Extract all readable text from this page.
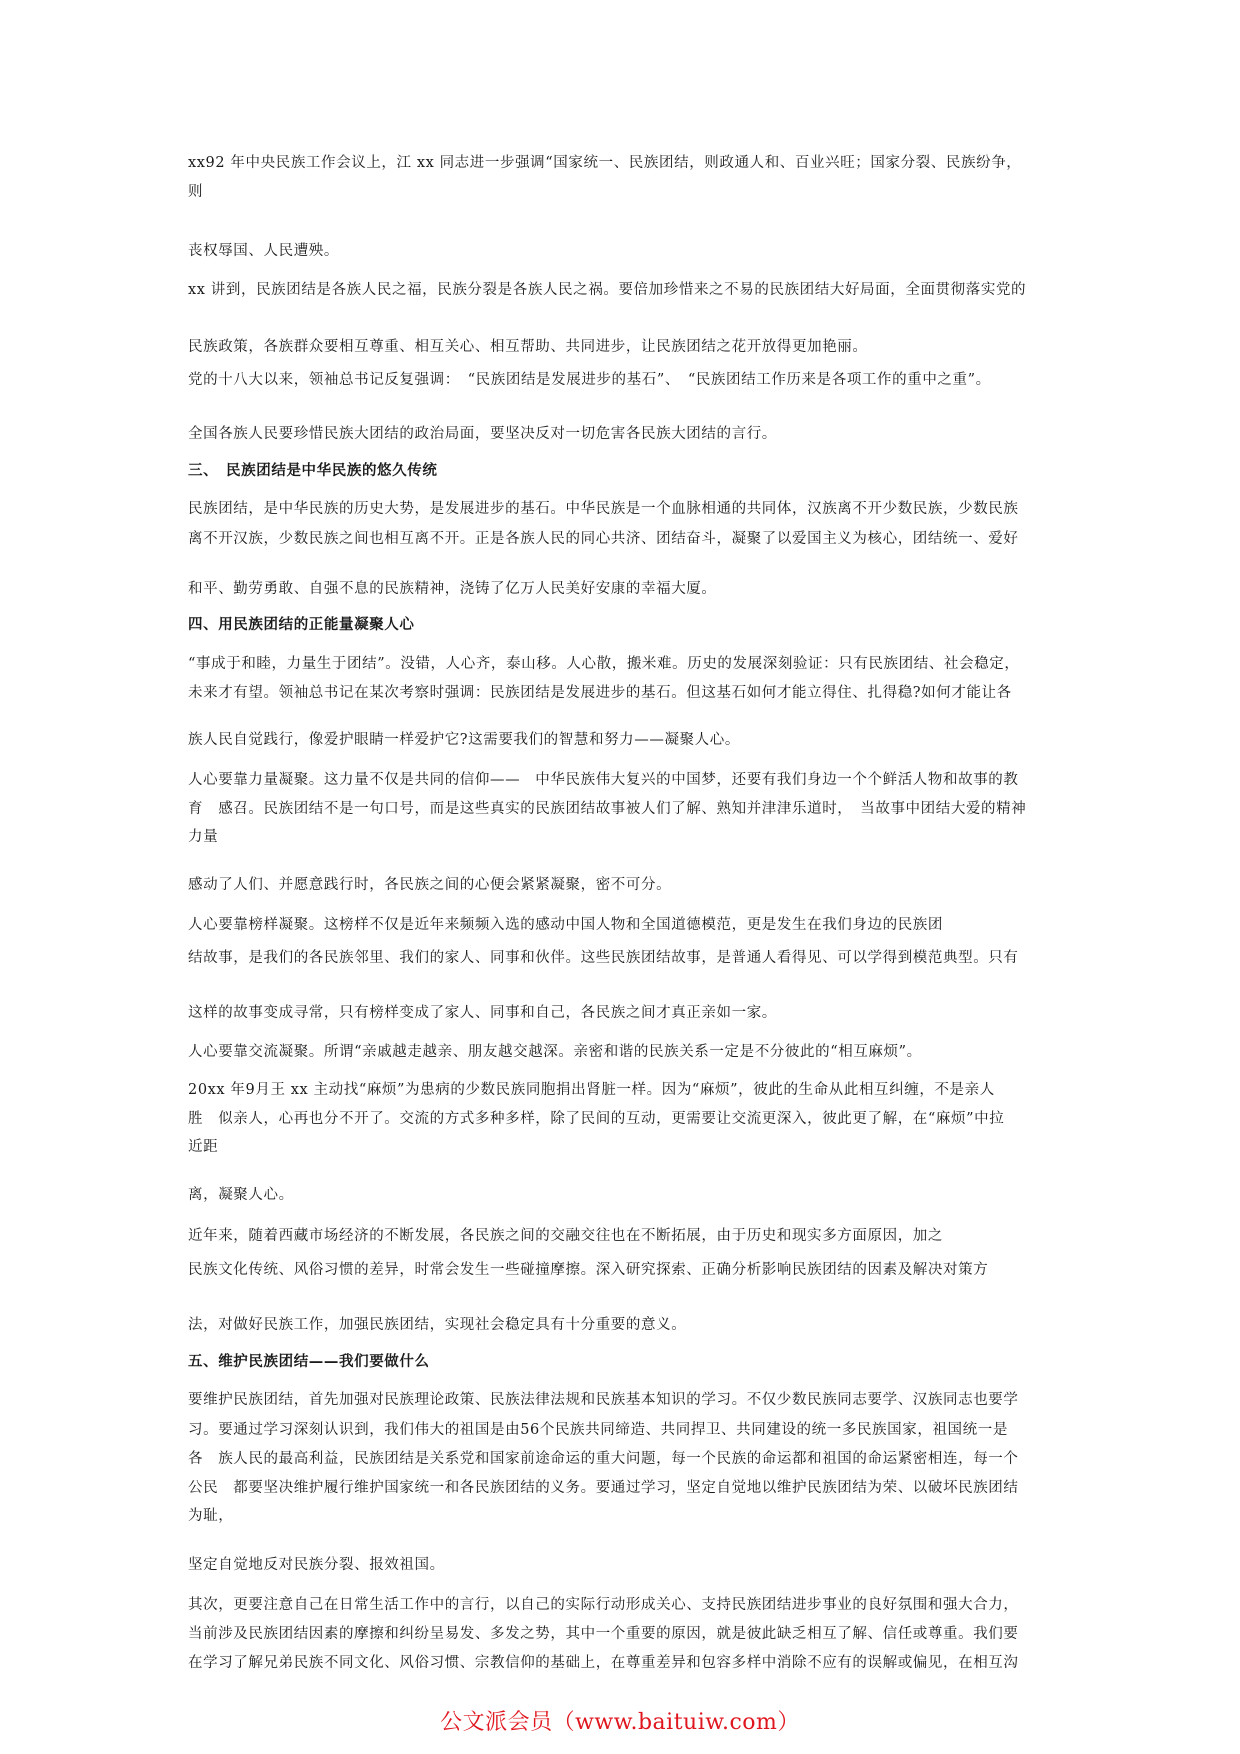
xx92 年中央民族工作会议上，江 xx 同志进一步强调“国家统一、民族团结，则政通人和、百业兴旺；国家分裂、民族纷争，
则
丧权辱国、人民遭殃。
xx 讲到，民族团结是各族人民之福，民族分裂是各族人民之祸。要倍加珍惜来之不易的民族团结大好局面，全面贯彻落实党的
民族政策，各族群众要相互尊重、相互关心、相互帮助、共同进步，让民族团结之花开放得更加艳丽。
党的十八大以来，领袖总书记反复强调：　“民族团结是发展进步的基石”、　“民族团结工作历来是各项工作的重中之重”。
全国各族人民要珍惜民族大团结的政治局面，要坚决反对一切危害各民族大团结的言行。
三、　民族团结是中华民族的悠久传统
民族团结，是中华民族的历史大势，是发展进步的基石。中华民族是一个血脉相通的共同体，汉族离不开少数民族，少数民族
离不开汉族，少数民族之间也相互离不开。正是各族人民的同心共济、团结奋斗，凝聚了以爱国主义为核心，团结统一、爱好
和平、勤劳勇敢、自强不息的民族精神，浇铸了亿万人民美好安康的幸福大厦。
四、用民族团结的正能量凝聚人心
“事成于和睦，力量生于团结”。没错，人心齐，泰山移。人心散，搬米难。历史的发展深刻验证：只有民族团结、社会稳定，
未来才有望。领袖总书记在某次考察时强调：民族团结是发展进步的基石。但这基石如何才能立得住、扎得稳?如何才能让各
族人民自觉践行，像爱护眼睛一样爱护它?这需要我们的智慧和努力——凝聚人心。
人心要靠力量凝聚。这力量不仅是共同的信仰——　中华民族伟大复兴的中国梦，还要有我们身边一个个鲜活人物和故事的教
育　感召。民族团结不是一句口号，而是这些真实的民族团结故事被人们了解、熟知并津津乐道时，　当故事中团结大爱的精神
力量
感动了人们、并愿意践行时，各民族之间的心便会紧紧凝聚，密不可分。
人心要靠榜样凝聚。这榜样不仅是近年来频频入选的感动中国人物和全国道德模范，更是发生在我们身边的民族团
结故事，是我们的各民族邻里、我们的家人、同事和伙伴。这些民族团结故事，是普通人看得见、可以学得到模范典型。只有
这样的故事变成寻常，只有榜样变成了家人、同事和自己，各民族之间才真正亲如一家。
人心要靠交流凝聚。所谓“亲戚越走越亲、朋友越交越深。亲密和谐的民族关系一定是不分彼此的“相互麻烦”。
20xx 年9月王 xx 主动找“麻烦”为患病的少数民族同胞捐出肾脏一样。因为“麻烦”，彼此的生命从此相互纠缠，不是亲人
胜　似亲人，心再也分不开了。交流的方式多种多样，除了民间的互动，更需要让交流更深入，彼此更了解，在“麻烦”中拉
近距
离，凝聚人心。
近年来，随着西藏市场经济的不断发展，各民族之间的交融交往也在不断拓展，由于历史和现实多方面原因，加之
民族文化传统、风俗习惯的差异，时常会发生一些碰撞摩擦。深入研究探索、正确分析影响民族团结的因素及解决对策方
法，对做好民族工作，加强民族团结，实现社会稳定具有十分重要的意义。
五、维护民族团结——我们要做什么
要维护民族团结，首先加强对民族理论政策、民族法律法规和民族基本知识的学习。不仅少数民族同志要学、汉族同志也要学
习。要通过学习深刻认识到，我们伟大的祖国是由56个民族共同缔造、共同捍卫、共同建设的统一多民族国家，祖国统一是
各　族人民的最高利益，民族团结是关系党和国家前途命运的重大问题，每一个民族的命运都和祖国的命运紧密相连，每一个
公民　都要坚决维护履行维护国家统一和各民族团结的义务。要通过学习，坚定自觉地以维护民族团结为荣、以破坏民族团结
为耻，
坚定自觉地反对民族分裂、报效祖国。
其次，更要注意自己在日常生活工作中的言行，以自己的实际行动形成关心、支持民族团结进步事业的良好氛围和强大合力，
当前涉及民族团结因素的摩擦和纠纷呈易发、多发之势，其中一个重要的原因，就是彼此缺乏相互了解、信任或尊重。我们要
在学习了解兄弟民族不同文化、风俗习惯、宗教信仰的基础上，在尊重差异和包容多样中消除不应有的误解或偏见，在相互沟
公文派会员（www.baituiw.com）
